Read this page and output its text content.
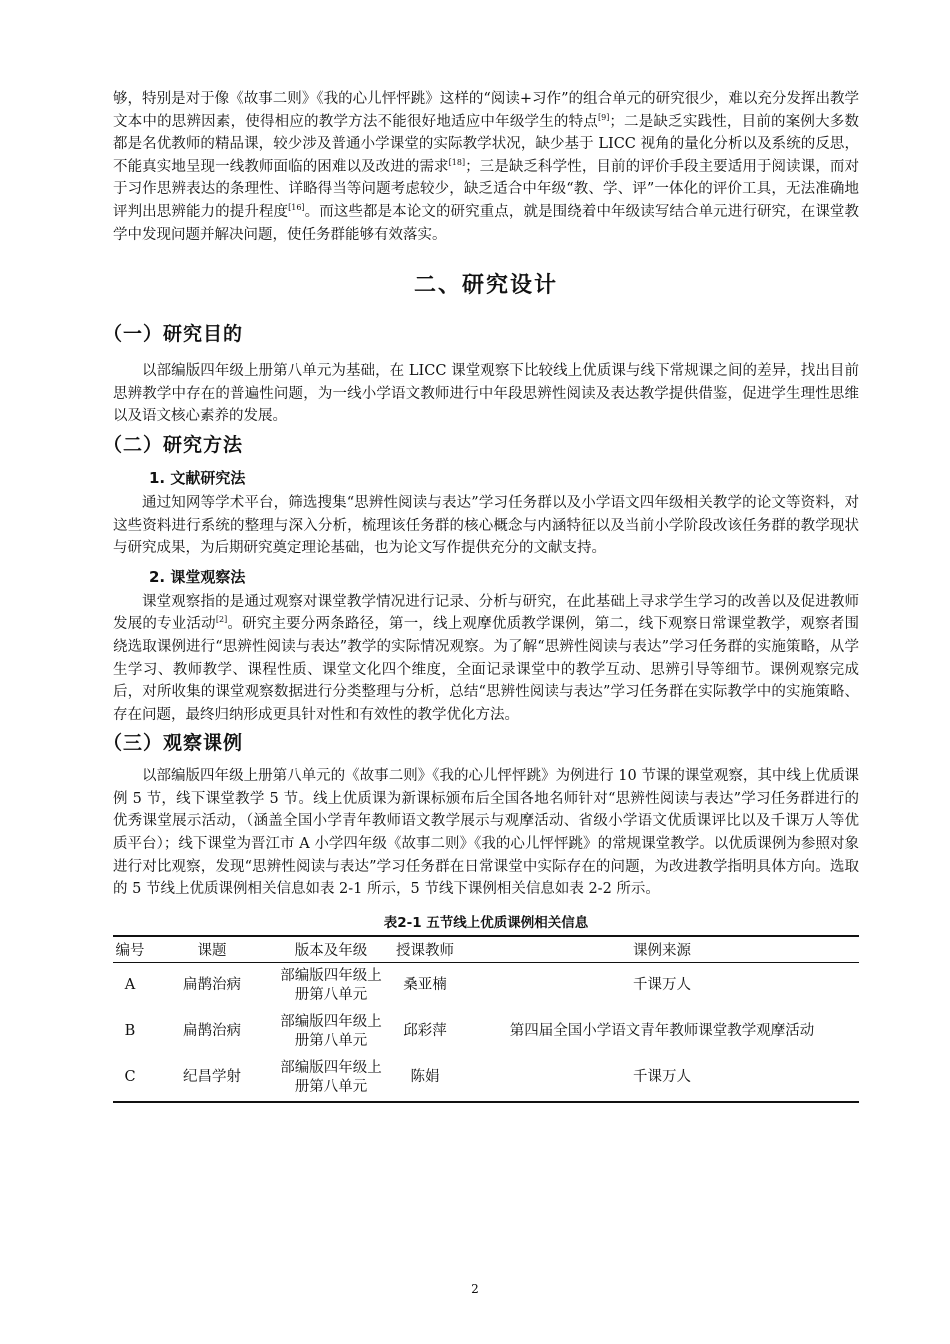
够，特别是对于像《故事二则》《我的心儿怦怦跳》这样的“阅读+习作”的组合单元的研究很少，难以充分发挥出教学文本中的思辨因素，使得相应的教学方法不能很好地适应中年级学生的特点[9]；二是缺乏实践性，目前的案例大多数都是名优教师的精品课，较少涉及普通小学课堂的实际教学状况，缺少基于 LICC 视角的量化分析以及系统的反思，不能真实地呈现一线教师面临的困难以及改进的需求[18]；三是缺乏科学性，目前的评价手段主要适用于阅读课，而对于习作思辨表达的条理性、详略得当等问题考虑较少，缺乏适合中年级“教、学、评”一体化的评价工具，无法准确地评判出思辨能力的提升程度[16]。而这些都是本论文的研究重点，就是围绕着中年级读写结合单元进行研究，在课堂教学中发现问题并解决问题，使任务群能够有效落实。

二、研究设计
（一）研究目的

以部编版四年级上册第八单元为基础，在 LICC 课堂观察下比较线上优质课与线下常规课之间的差异，找出目前思辨教学中存在的普遍性问题，为一线小学语文教师进行中年段思辨性阅读及表达教学提供借鉴，促进学生理性思维以及语文核心素养的发展。

（二）研究方法
1. 文献研究法

通过知网等学术平台，筛选搜集“思辨性阅读与表达”学习任务群以及小学语文四年级相关教学的论文等资料，对这些资料进行系统的整理与深入分析，梳理该任务群的核心概念与内涵特征以及当前小学阶段改该任务群的教学现状与研究成果，为后期研究奠定理论基础，也为论文写作提供充分的文献支持。

2. 课堂观察法

课堂观察指的是通过观察对课堂教学情况进行记录、分析与研究，在此基础上寻求学生学习的改善以及促进教师发展的专业活动[2]。研究主要分两条路径，第一，线上观摩优质教学课例，第二，线下观察日常课堂教学，观察者围绕选取课例进行“思辨性阅读与表达”教学的实际情况观察。为了解“思辨性阅读与表达”学习任务群的实施策略，从学生学习、教师教学、课程性质、课堂文化四个维度，全面记录课堂中的教学互动、思辨引导等细节。课例观察完成后，对所收集的课堂观察数据进行分类整理与分析，总结“思辨性阅读与表达”学习任务群在实际教学中的实施策略、存在问题，最终归纳形成更具针对性和有效性的教学优化方法。

（三）观察课例

以部编版四年级上册第八单元的《故事二则》《我的心儿怦怦跳》为例进行 10 节课的课堂观察，其中线上优质课例 5 节，线下课堂教学 5 节。线上优质课为新课标颁布后全国各地名师针对“思辨性阅读与表达”学习任务群进行的优秀课堂展示活动，（涵盖全国小学青年教师语文教学展示与观摩活动、省级小学语文优质课评比以及千课万人等优质平台）；线下课堂为晋江市 A 小学四年级《故事二则》《我的心儿怦怦跳》的常规课堂教学。以优质课例为参照对象进行对比观察，发现“思辨性阅读与表达”学习任务群在日常课堂中实际存在的问题，为改进教学指明具体方向。选取的 5 节线上优质课例相关信息如表 2-1 所示，5 节线下课例相关信息如表 2-2 所示。

表2-1 五节线上优质课例相关信息
编号	课题	版本及年级	授课教师	课例来源
A	扁鹊治病	部编版四年级上册第八单元	桑亚楠	千课万人
B	扁鹊治病	部编版四年级上册第八单元	邱彩萍	第四届全国小学语文青年教师课堂教学观摩活动
C	纪昌学射	部编版四年级上册第八单元	陈娟	千课万人
2
